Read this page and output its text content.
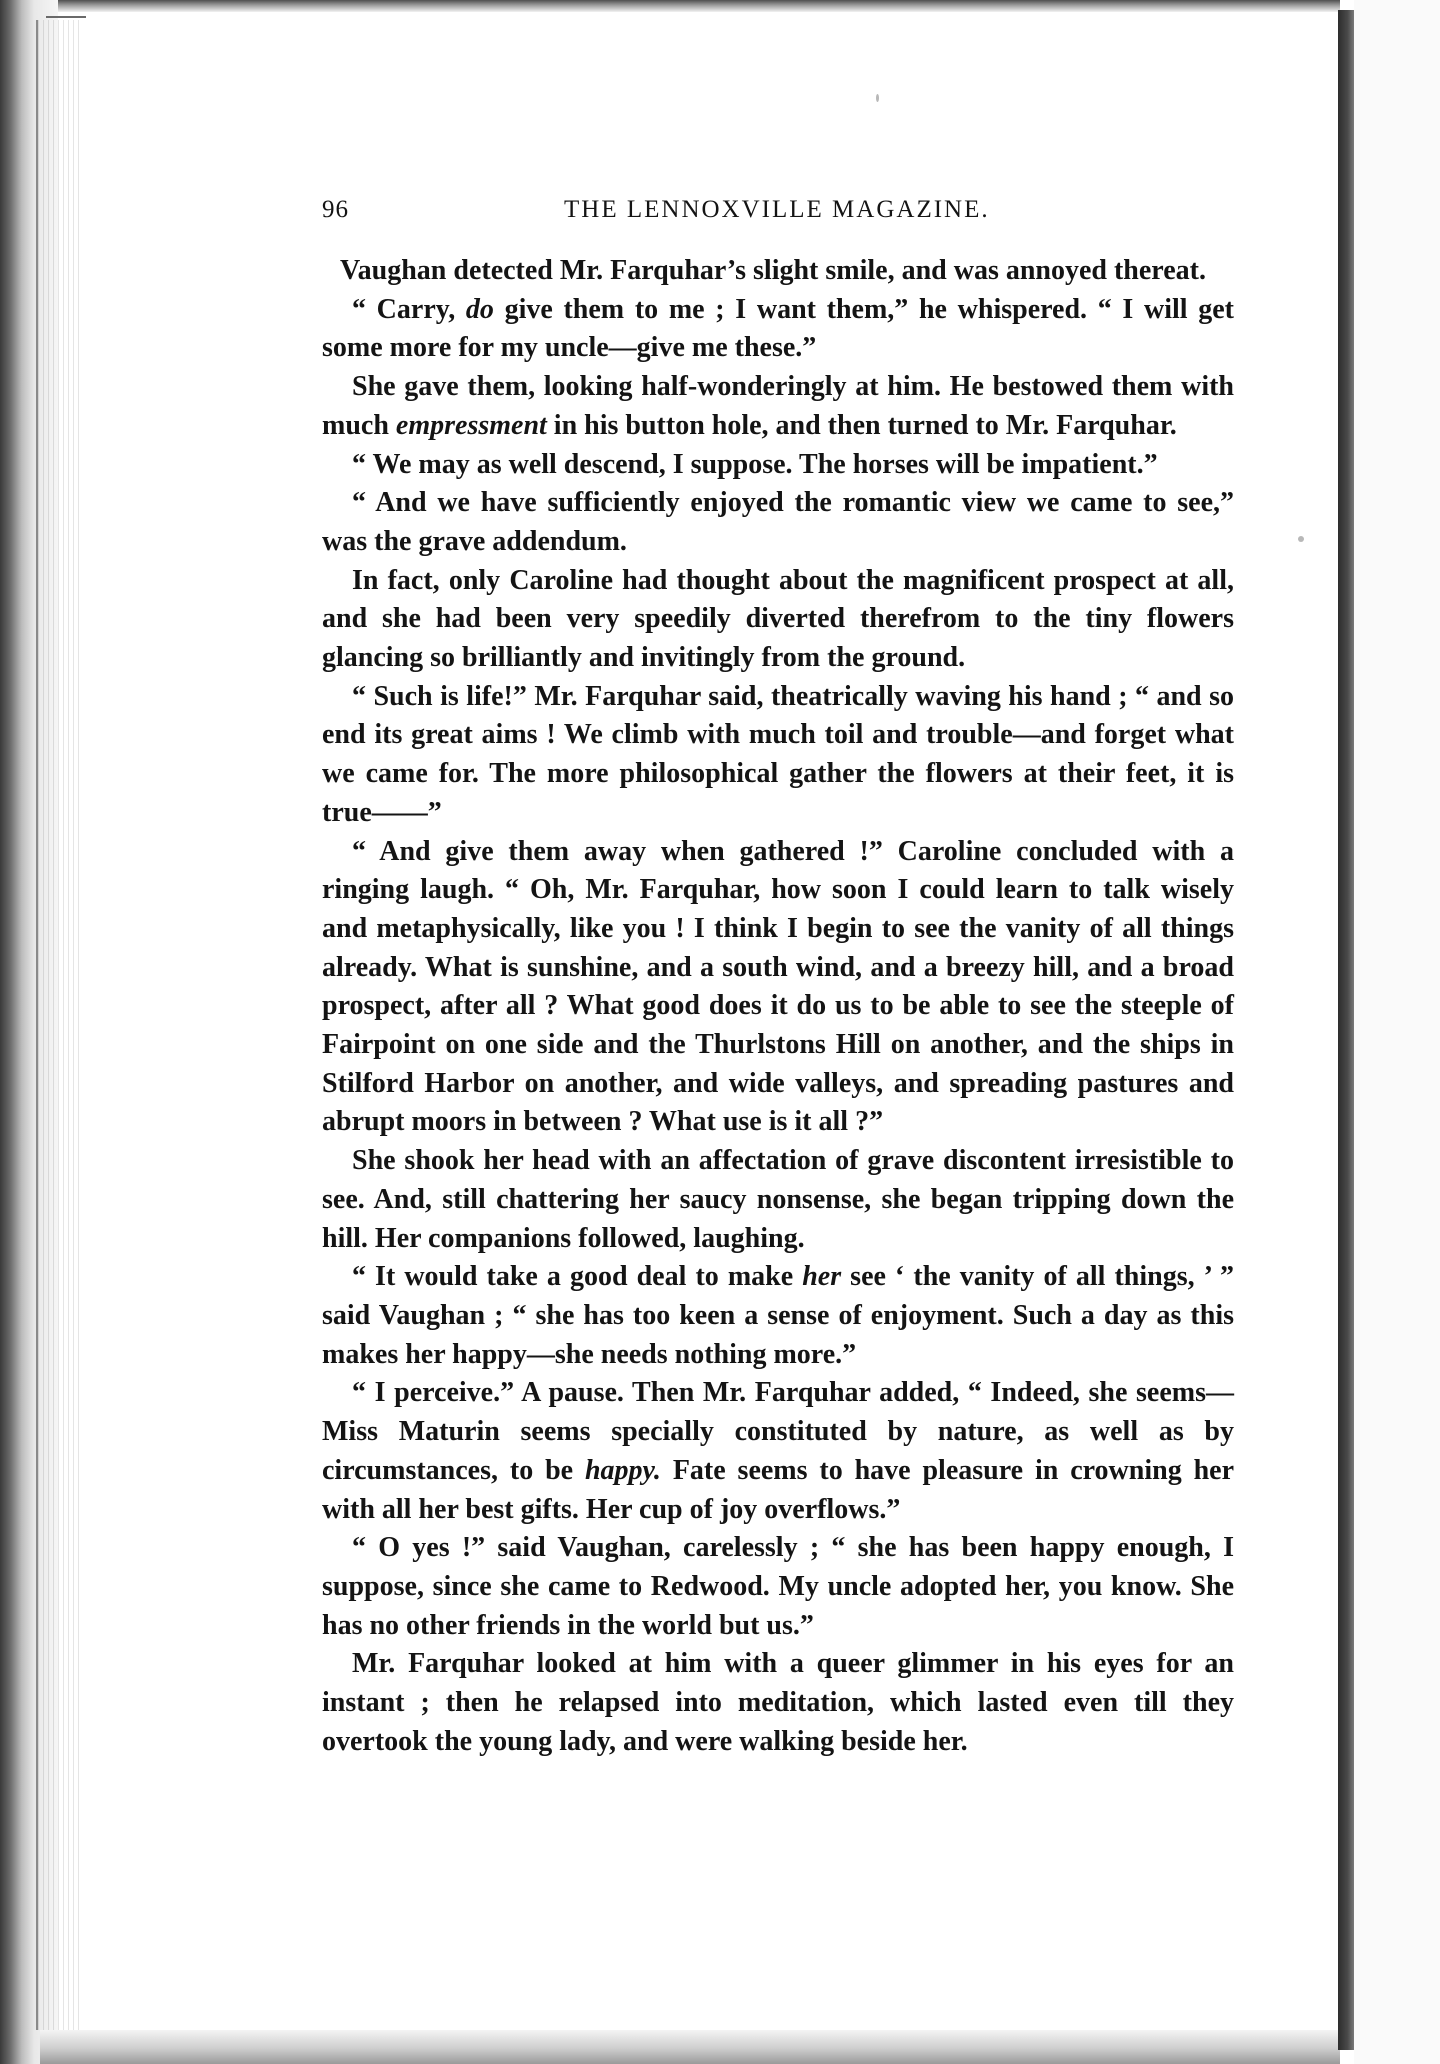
96	THE LENNOXVILLE MAGAZINE.

Vaughan detected Mr. Farquhar’s slight smile, and was annoyed thereat.

“ Carry, do give them to me ; I want them,” he whispered. “ I will get some more for my uncle—give me these.”

She gave them, looking half-wonderingly at him. He bestowed them with much empressment in his button hole, and then turned to Mr. Farquhar.

“ We may as well descend, I suppose. The horses will be impatient.”

“ And we have sufficiently enjoyed the romantic view we came to see,” was the grave addendum.

In fact, only Caroline had thought about the magnificent prospect at all, and she had been very speedily diverted therefrom to the tiny flowers glancing so brilliantly and invitingly from the ground.

“ Such is life!” Mr. Farquhar said, theatrically waving his hand ; “ and so end its great aims ! We climb with much toil and trouble—and forget what we came for. The more philosophical gather the flowers at their feet, it is true——”

“ And give them away when gathered !” Caroline concluded with a ringing laugh. “ Oh, Mr. Farquhar, how soon I could learn to talk wisely and metaphysically, like you ! I think I begin to see the vanity of all things already. What is sunshine, and a south wind, and a breezy hill, and a broad prospect, after all ? What good does it do us to be able to see the steeple of Fairpoint on one side and the Thurlstons Hill on another, and the ships in Stilford Harbor on another, and wide valleys, and spreading pastures and abrupt moors in between ? What use is it all ?”

She shook her head with an affectation of grave discontent irresistible to see. And, still chattering her saucy nonsense, she began tripping down the hill. Her companions followed, laughing.

“ It would take a good deal to make her see ‘ the vanity of all things, ’ ” said Vaughan ; “ she has too keen a sense of enjoyment. Such a day as this makes her happy—she needs nothing more.”

“ I perceive.” A pause. Then Mr. Farquhar added, “ Indeed, she seems—Miss Maturin seems specially constituted by nature, as well as by circumstances, to be happy. Fate seems to have pleasure in crowning her with all her best gifts. Her cup of joy overflows.”

“ O yes !” said Vaughan, carelessly ; “ she has been happy enough, I suppose, since she came to Redwood. My uncle adopted her, you know. She has no other friends in the world but us.”

Mr. Farquhar looked at him with a queer glimmer in his eyes for an instant ; then he relapsed into meditation, which lasted even till they overtook the young lady, and were walking beside her.
